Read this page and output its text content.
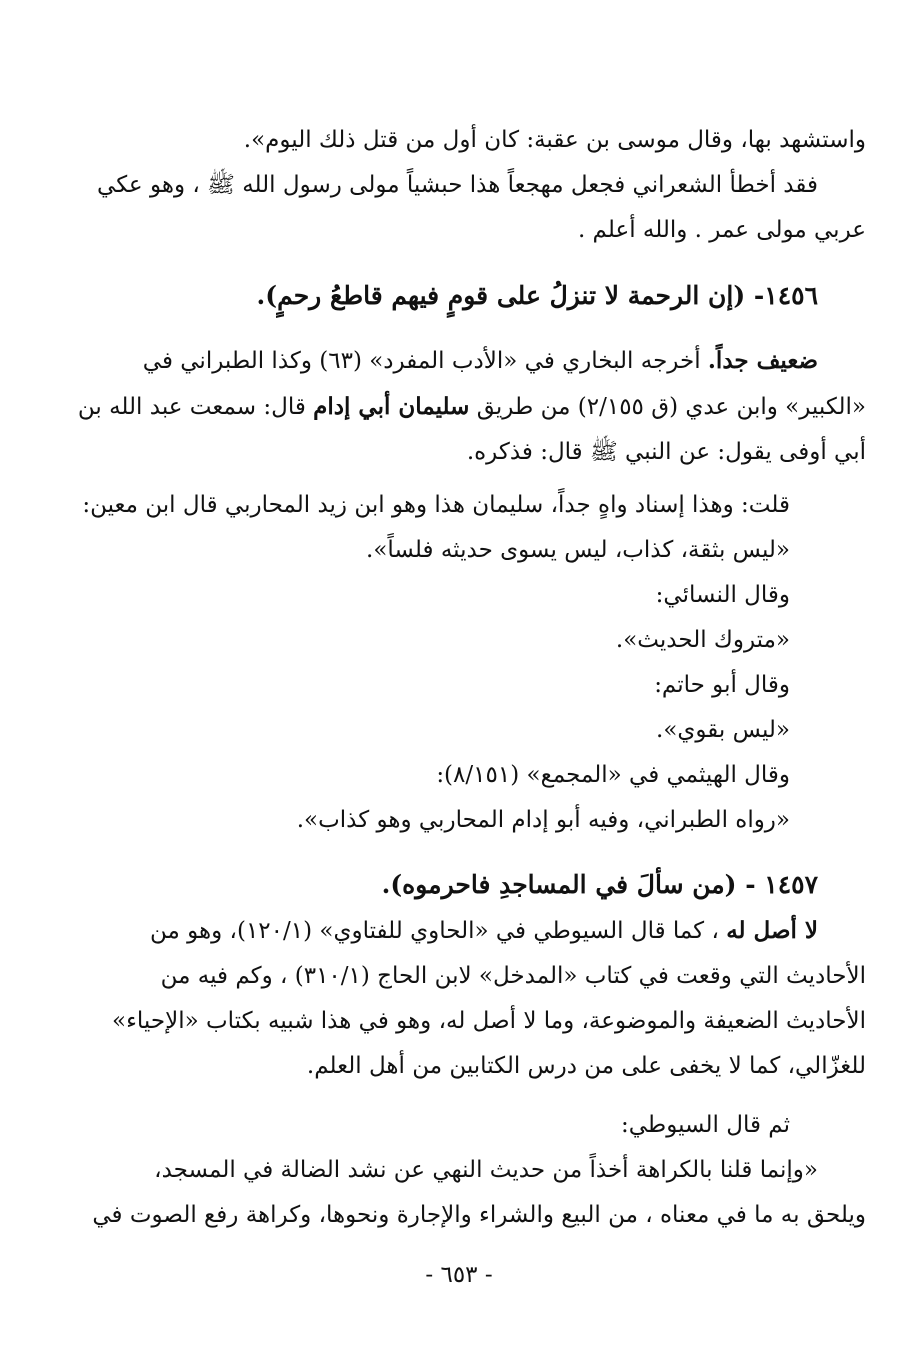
واستشهد بها، وقال موسى بن عقبة: كان أول من قتل ذلك اليوم».
فقد أخطأ الشعراني فجعل مهجعاً هذا حبشياً مولى رسول الله ﷺ ، وهو عكي
عربي مولى عمر . والله أعلم .
١٤٥٦- (إن الرحمة لا تنزلُ على قومٍ فيهم قاطعُ رحمٍ).
ضعيف جداً. أخرجه البخاري في «الأدب المفرد» (٦٣) وكذا الطبراني في
«الكبير» وابن عدي (ق ٢/١٥٥) من طريق سليمان أبي إدام قال: سمعت عبد الله بن
أبي أوفى يقول: عن النبي ﷺ قال: فذكره.
قلت: وهذا إسناد واهٍ جداً، سليمان هذا وهو ابن زيد المحاربي قال ابن معين:
«ليس بثقة، كذاب، ليس يسوى حديثه فلساً».
وقال النسائي:
«متروك الحديث».
وقال أبو حاتم:
«ليس بقوي».
وقال الهيثمي في «المجمع» (٨/١٥١):
«رواه الطبراني، وفيه أبو إدام المحاربي وهو كذاب».
١٤٥٧ - (من سألَ في المساجدِ فاحرموه).
لا أصل له ، كما قال السيوطي في «الحاوي للفتاوي» (١٢٠/١)، وهو من
الأحاديث التي وقعت في كتاب «المدخل» لابن الحاج (٣١٠/١) ، وكم فيه من
الأحاديث الضعيفة والموضوعة، وما لا أصل له، وهو في هذا شبيه بكتاب «الإحياء»
للغزّالي، كما لا يخفى على من درس الكتابين من أهل العلم.
ثم قال السيوطي:
«وإنما قلنا بالكراهة أخذاً من حديث النهي عن نشد الضالة في المسجد،
ويلحق به ما في معناه ، من البيع والشراء والإجارة ونحوها، وكراهة رفع الصوت في
- ٦٥٣ -
